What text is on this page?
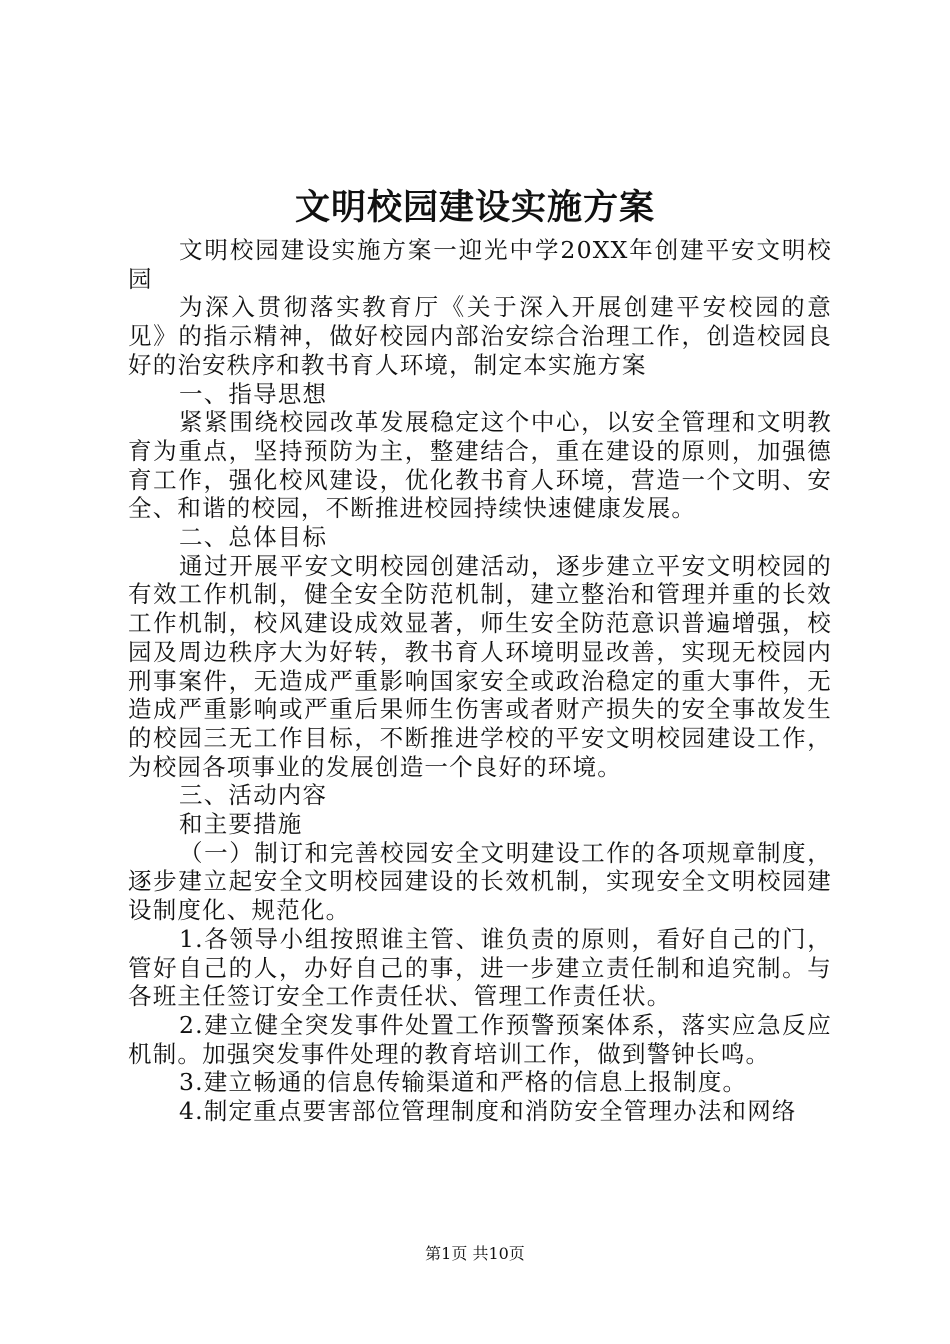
文明校园建设实施方案

文明校园建设实施方案一迎光中学20XX年创建平安文明校园

为深入贯彻落实教育厅《关于深入开展创建平安校园的意见》的指示精神，做好校园内部治安综合治理工作，创造校园良好的治安秩序和教书育人环境，制定本实施方案

一、指导思想

紧紧围绕校园改革发展稳定这个中心，以安全管理和文明教育为重点，坚持预防为主，整建结合，重在建设的原则，加强德育工作，强化校风建设，优化教书育人环境，营造一个文明、安全、和谐的校园，不断推进校园持续快速健康发展。

二、总体目标

通过开展平安文明校园创建活动，逐步建立平安文明校园的有效工作机制，健全安全防范机制，建立整治和管理并重的长效工作机制，校风建设成效显著，师生安全防范意识普遍增强，校园及周边秩序大为好转，教书育人环境明显改善，实现无校园内刑事案件，无造成严重影响国家安全或政治稳定的重大事件，无造成严重影响或严重后果师生伤害或者财产损失的安全事故发生的校园三无工作目标，不断推进学校的平安文明校园建设工作，为校园各项事业的发展创造一个良好的环境。

三、活动内容

和主要措施

（一）制订和完善校园安全文明建设工作的各项规章制度，逐步建立起安全文明校园建设的长效机制，实现安全文明校园建设制度化、规范化。

1.各领导小组按照谁主管、谁负责的原则，看好自己的门，管好自己的人，办好自己的事，进一步建立责任制和追究制。与各班主任签订安全工作责任状、管理工作责任状。

2.建立健全突发事件处置工作预警预案体系，落实应急反应机制。加强突发事件处理的教育培训工作，做到警钟长鸣。

3.建立畅通的信息传输渠道和严格的信息上报制度。

4.制定重点要害部位管理制度和消防安全管理办法和网络

第1页 共10页
